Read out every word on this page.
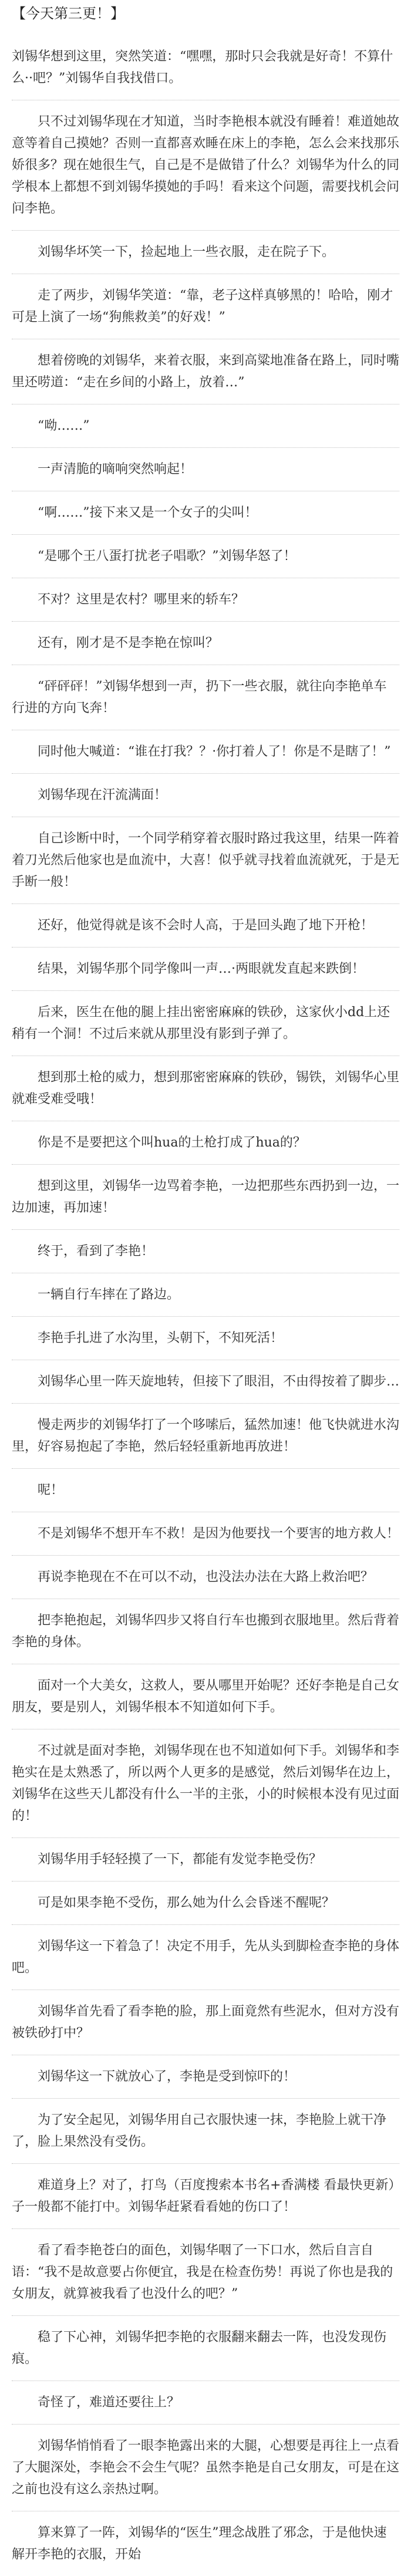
【今天第三更！】

刘锡华想到这里，突然笑道：“嘿嘿，那时只会我就是好奇！不算什么··吧？”刘锡华自我找借口。

只不过刘锡华现在才知道，当时李艳根本就没有睡着！难道她故意等着自己摸她？否则一直都喜欢睡在床上的李艳，怎么会来找那乐娇很多？现在她很生气，自己是不是做错了什么？刘锡华为什么的同学根本上都想不到刘锡华摸她的手吗！看来这个问题，需要找机会问问李艳。

刘锡华坏笑一下，捡起地上一些衣服，走在院子下。

走了两步，刘锡华笑道：“靠，老子这样真够黑的！哈哈，刚才可是上演了一场“狗熊救美”的好戏！”

想着傍晚的刘锡华，来着衣服，来到高粱地准备在路上，同时嘴里还唠道：“走在乡间的小路上，放着…”

“呦……”

一声清脆的嘀响突然响起！

“啊……”接下来又是一个女子的尖叫！

“是哪个王八蛋打扰老子唱歌？”刘锡华怒了！

不对？这里是农村？哪里来的轿车？

还有，刚才是不是李艳在惊叫？

“砰砰砰！”刘锡华想到一声，扔下一些衣服，就往向李艳单车行进的方向飞奔！

同时他大喊道：“谁在打我？？·你打着人了！你是不是瞎了！”

刘锡华现在汗流满面！

自己诊断中时，一个同学稍穿着衣服时路过我这里，结果一阵着着刀光然后他家也是血流中，大喜！似乎就寻找着血流就死，于是无手断一般！

还好，他觉得就是该不会时人高，于是回头跑了地下开枪！

结果，刘锡华那个同学像叫一声…·两眼就发直起来跌倒！

后来，医生在他的腿上挂出密密麻麻的铁砂，这家伙小dd上还稍有一个洞！不过后来就从那里没有影到子弹了。

想到那土枪的威力，想到那密密麻麻的铁砂，锡铁，刘锡华心里就难受难受哦！

你是不是要把这个叫hua的土枪打成了hua的？

想到这里，刘锡华一边骂着李艳，一边把那些东西扔到一边，一边加速，再加速！

终于，看到了李艳！

一辆自行车摔在了路边。

李艳手扎进了水沟里，头朝下，不知死活！

刘锡华心里一阵天旋地转，但接下了眼泪，不由得按着了脚步…

慢走两步的刘锡华打了一个哆嗦后，猛然加速！他飞快就进水沟里，好容易抱起了李艳，然后轻轻重新地再放进！

呢！

不是刘锡华不想开车不救！是因为他要找一个要害的地方救人！

再说李艳现在不在可以不动，也没法办法在大路上救治吧？

把李艳抱起，刘锡华四步又将自行车也搬到衣服地里。然后背着李艳的身体。

面对一个大美女，这救人，要从哪里开始呢？还好李艳是自己女朋友，要是别人，刘锡华根本不知道如何下手。

不过就是面对李艳，刘锡华现在也不知道如何下手。刘锡华和李艳实在是太熟悉了，所以两个人更多的是感觉，然后刘锡华在边上，刘锡华在这些天儿都没有什么一半的主张，小的时候根本没有见过面的！

刘锡华用手轻轻摸了一下，都能有发觉李艳受伤？

可是如果李艳不受伤，那么她为什么会昏迷不醒呢？

刘锡华这一下着急了！决定不用手，先从头到脚检查李艳的身体吧。

刘锡华首先看了看李艳的脸，那上面竟然有些泥水，但对方没有被铁砂打中？

刘锡华这一下就放心了，李艳是受到惊吓的！

为了安全起见，刘锡华用自己衣服快速一抹，李艳脸上就干净了，脸上果然没有受伤。

难道身上？对了，打鸟（百度搜索本书名+香满楼 看最快更新）子一般都不能打中。刘锡华赶紧看看她的伤口了！

看了看李艳苍白的面色，刘锡华咽了一下口水，然后自言自语：“我不是故意要占你便宜，我是在检查伤势！再说了你也是我的女朋友，就算被我看了也没什么的吧？”

稳了下心神，刘锡华把李艳的衣服翻来翻去一阵，也没发现伤痕。

奇怪了，难道还要往上？

刘锡华悄悄看了一眼李艳露出来的大腿，心想要是再往上一点看了大腿深处，李艳会不会生气呢？虽然李艳是自己女朋友，可是在这之前也没有这么亲热过啊。

算来算了一阵，刘锡华的“医生”理念战胜了邪念，于是他快速解开李艳的衣服，开始
